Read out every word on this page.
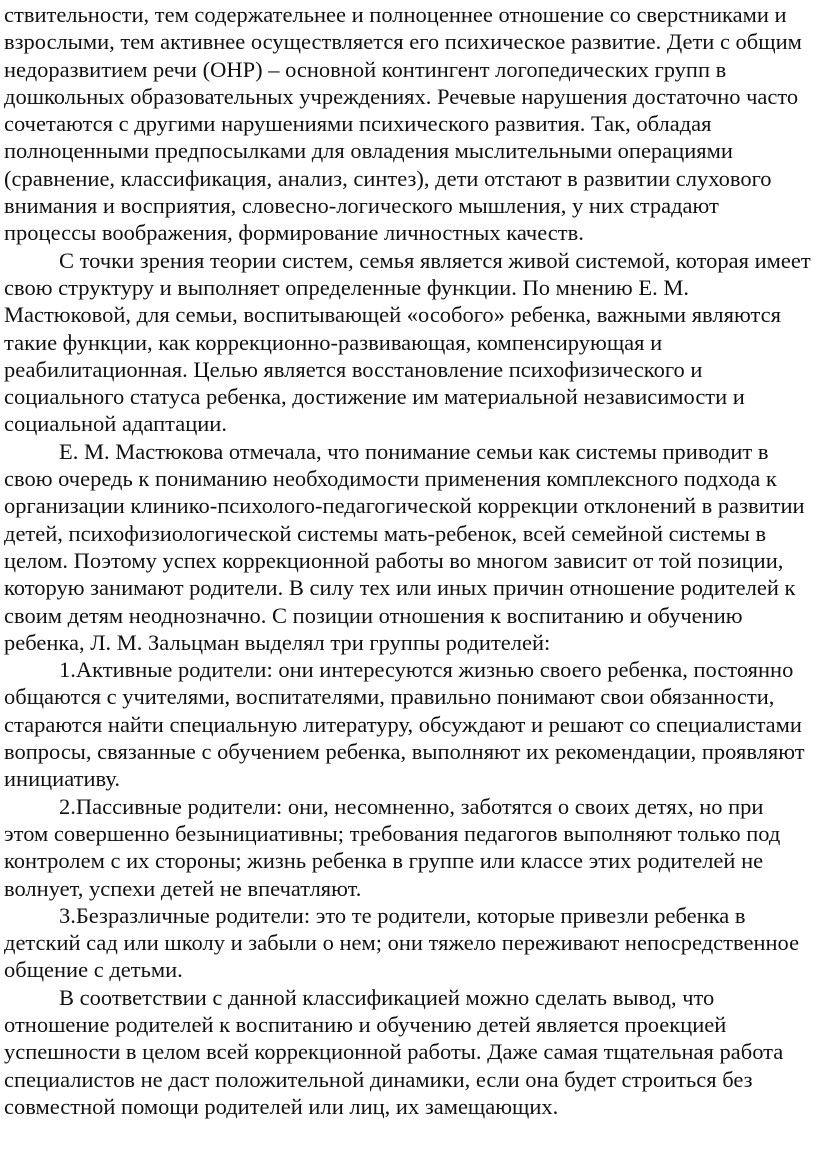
ствительности, тем содержательнее и полноценнее отношение со сверстниками и взрослыми, тем активнее осуществляется его психическое развитие. Дети с общим недоразвитием речи (ОНР) – основной контингент логопедических групп в дошкольных образовательных учреждениях. Речевые нарушения достаточно часто сочетаются с другими нарушениями психического развития. Так, обладая полноценными предпосылками для овладения мыслительными операциями (сравнение, классификация, анализ, синтез), дети отстают в развитии слухового внимания и восприятия, словесно-логического мышления, у них страдают процессы воображения, формирование личностных качеств.

С точки зрения теории систем, семья является живой системой, которая имеет свою структуру и выполняет определенные функции. По мнению Е. М. Мастюковой, для семьи, воспитывающей «особого» ребенка, важными являются такие функции, как коррекционно-развивающая, компенсирующая и реабилитационная. Целью является восстановление психофизического и социального статуса ребенка, достижение им материальной независимости и социальной адаптации.

Е. М. Мастюкова отмечала, что понимание семьи как системы приводит в свою очередь к пониманию необходимости применения комплексного подхода к организации клинико-психолого-педагогической коррекции отклонений в развитии детей, психофизиологической системы мать-ребенок, всей семейной системы в целом. Поэтому успех коррекционной работы во многом зависит от той позиции, которую занимают родители. В силу тех или иных причин отношение родителей к своим детям неоднозначно. С позиции отношения к воспитанию и обучению ребенка, Л. М. Зальцман выделял три группы родителей:

1.Активные родители: они интересуются жизнью своего ребенка, постоянно общаются с учителями, воспитателями, правильно понимают свои обязанности, стараются найти специальную литературу, обсуждают и решают со специалистами вопросы, связанные с обучением ребенка, выполняют их рекомендации, проявляют инициативу.

2.Пассивные родители: они, несомненно, заботятся о своих детях, но при этом совершенно безынициативны; требования педагогов выполняют только под контролем с их стороны; жизнь ребенка в группе или классе этих родителей не волнует, успехи детей не впечатляют.

3.Безразличные родители: это те родители, которые привезли ребенка в детский сад или школу и забыли о нем; они тяжело переживают непосредственное общение с детьми.

В соответствии с данной классификацией можно сделать вывод, что отношение родителей к воспитанию и обучению детей является проекцией успешности в целом всей коррекционной работы. Даже самая тщательная работа специалистов не даст положительной динамики, если она будет строиться без совместной помощи родителей или лиц, их замещающих.
